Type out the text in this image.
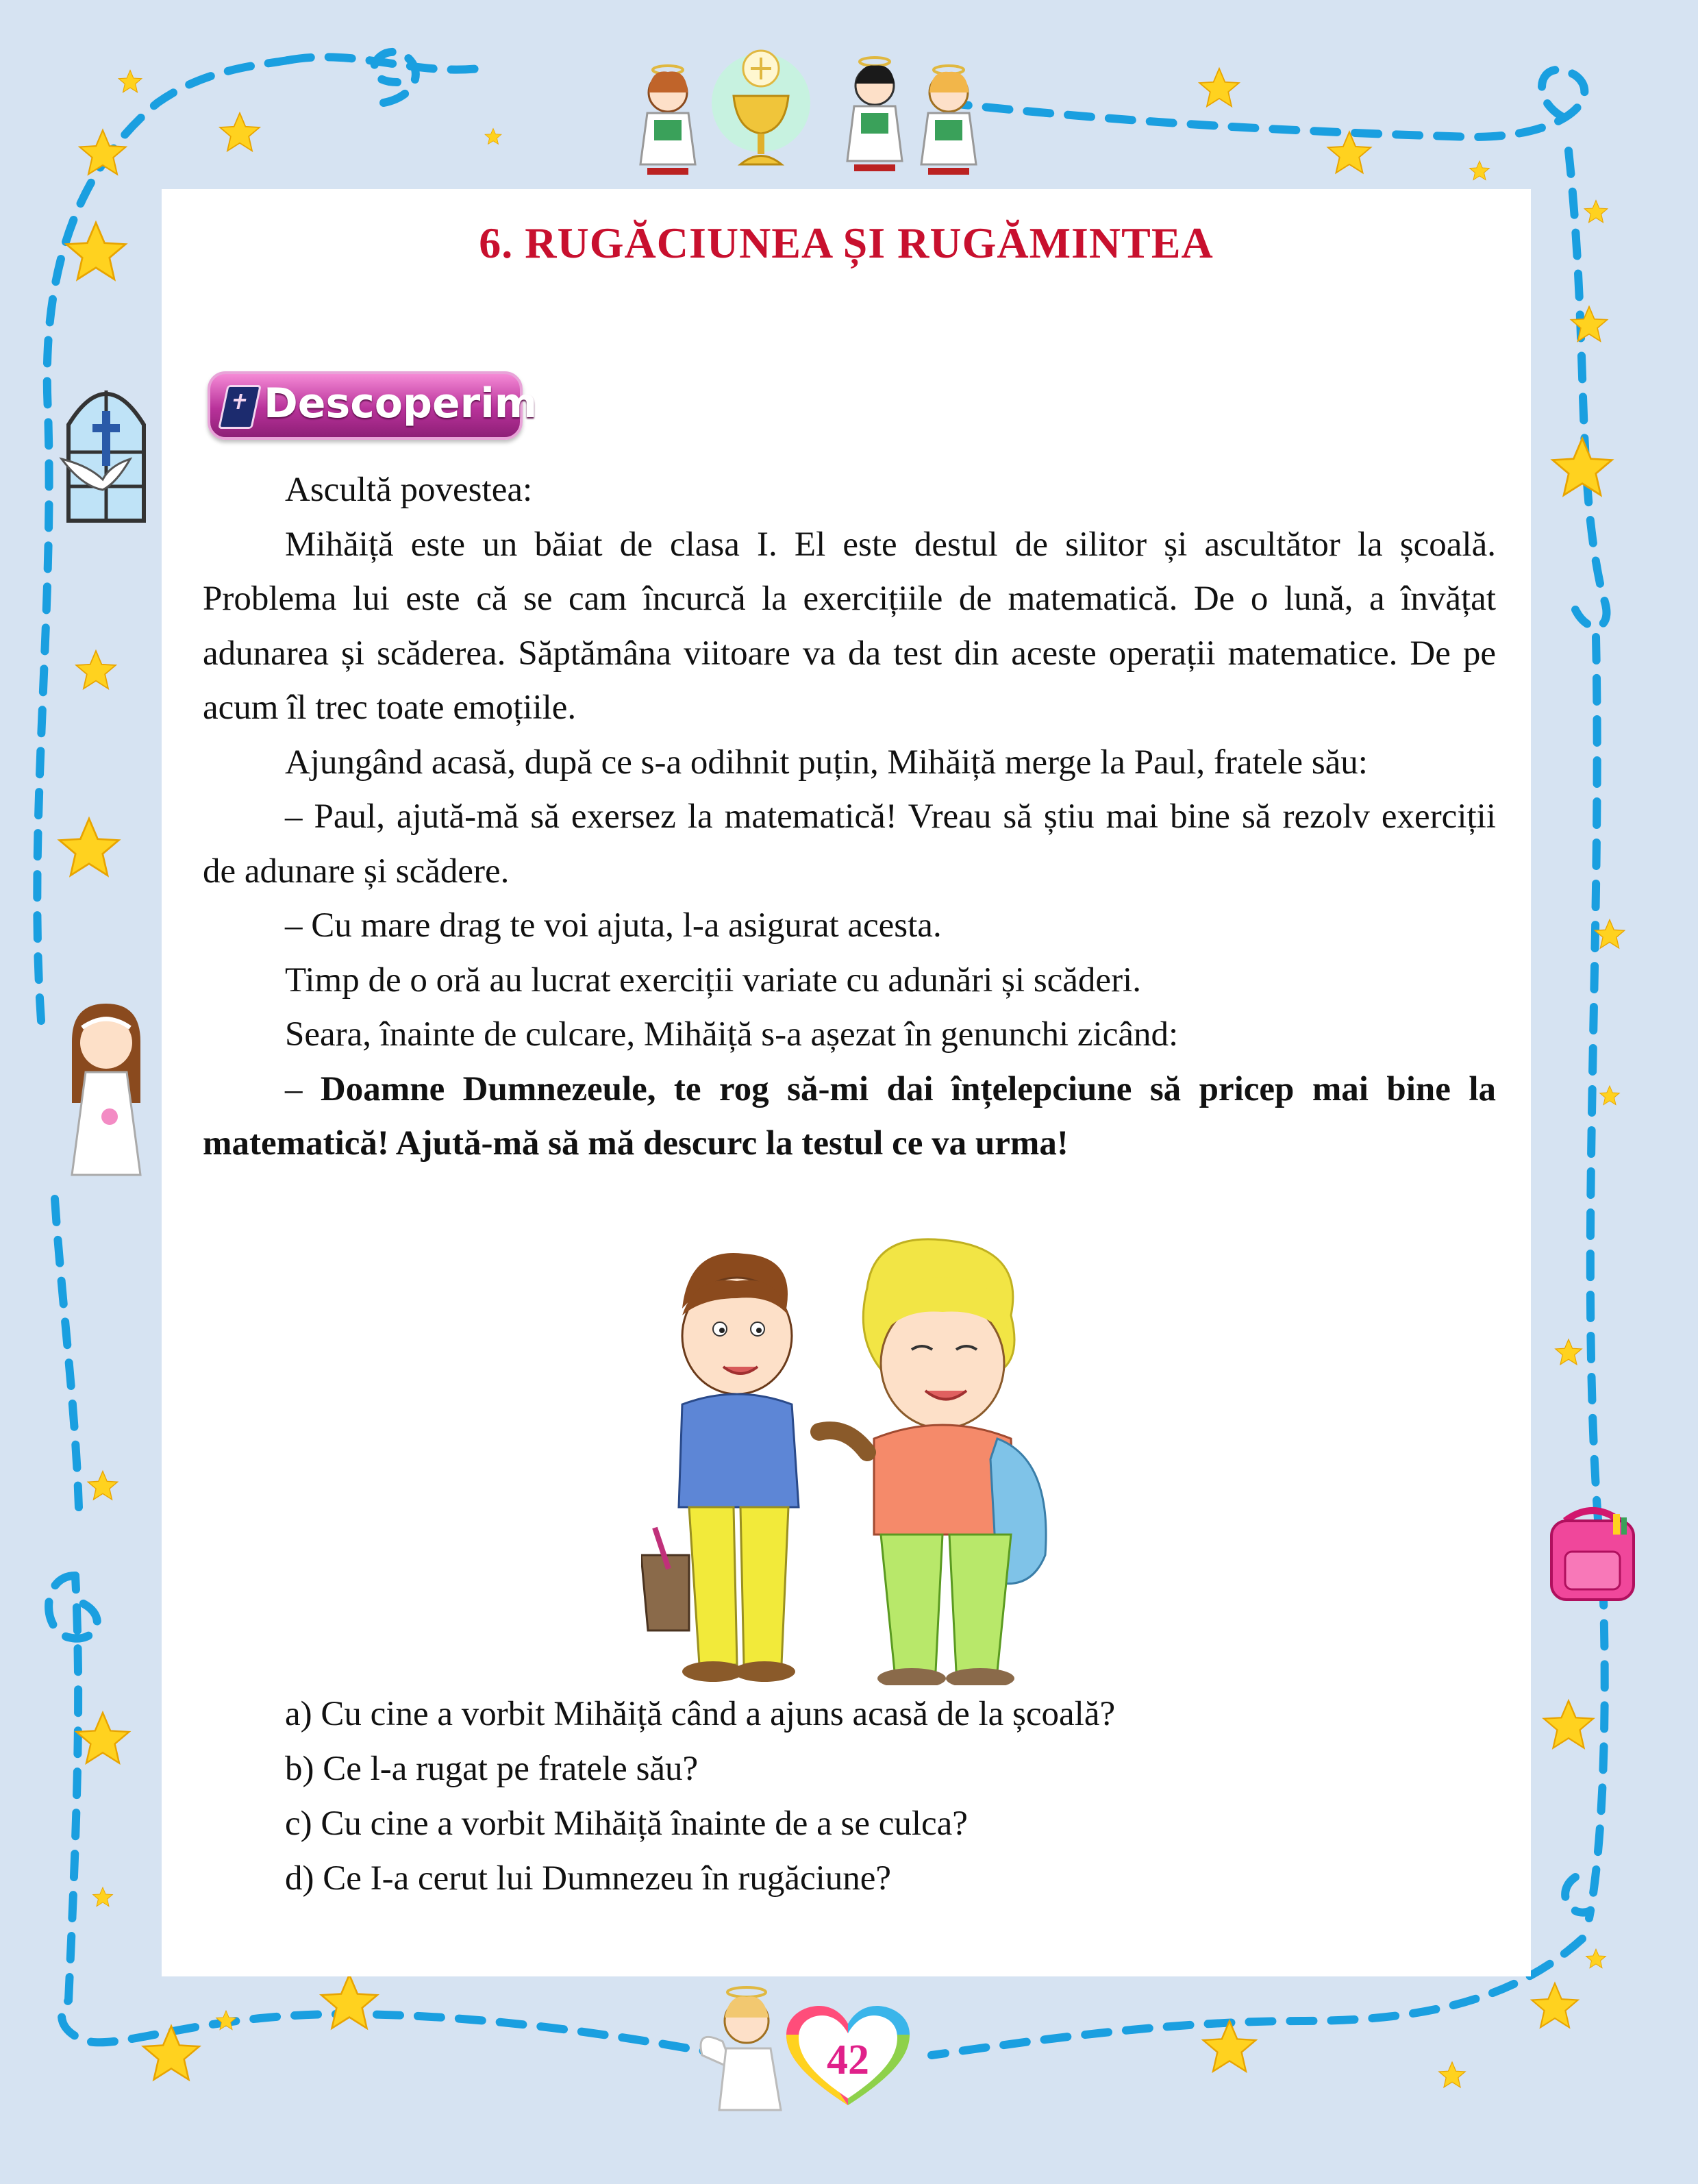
42
6. RUGĂCIUNEA ȘI RUGĂMINTEA
Descoperim

Ascultă povestea:

Mihăiță este un băiat de clasa I. El este destul de silitor și ascultător la școală. Problema lui este că se cam încurcă la exercițiile de matematică. De o lună, a învățat adunarea și scăderea. Săptămâna viitoare va da test din aceste operații matematice. De pe acum îl trec toate emoțiile.

Ajungând acasă, după ce s-a odihnit puțin, Mihăiță merge la Paul, fratele său:

– Paul, ajută-mă să exersez la matematică! Vreau să știu mai bine să rezolv exerciții de adunare și scădere.

– Cu mare drag te voi ajuta, l-a asigurat acesta.

Timp de o oră au lucrat exerciții variate cu adunări și scăderi.

Seara, înainte de culcare, Mihăiță s-a așezat în genunchi zicând:

– Doamne Dumnezeule, te rog să-mi dai înțelepciune să pricep mai bine la matematică! Ajută-mă să mă descurc la testul ce va urma!

a) Cu cine a vorbit Mihăiță când a ajuns acasă de la școală?
b) Ce l-a rugat pe fratele său?
c) Cu cine a vorbit Mihăiță înainte de a se culca?
d) Ce I-a cerut lui Dumnezeu în rugăciune?
